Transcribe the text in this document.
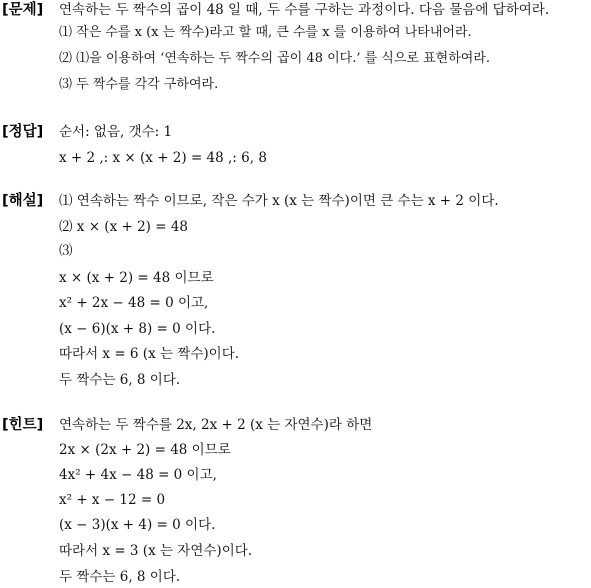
[문제] 연속하는 두 짝수의 곱이 48 일 때, 두 수를 구하는 과정이다. 다음 물음에 답하여라.
⑴ 작은 수를 x (x 는 짝수)라고 할 때, 큰 수를 x 를 이용하여 나타내어라.
⑵ ⑴을 이용하여 ‘연속하는 두 짝수의 곱이 48 이다.’ 를 식으로 표현하여라.
⑶ 두 짝수를 각각 구하여라.
[정답] 순서: 없음, 갯수: 1
x + 2 ,: x × (x + 2) = 48 ,: 6, 8
[해설] ⑴ 연속하는 짝수 이므로, 작은 수가 x (x 는 짝수)이면 큰 수는 x + 2 이다.
⑵ x × (x + 2) = 48
⑶
x × (x + 2) = 48 이므로
x² + 2x − 48 = 0 이고,
(x − 6)(x + 8) = 0 이다.
따라서 x = 6 (x 는 짝수)이다.
두 짝수는 6, 8 이다.
[힌트] 연속하는 두 짝수를 2x, 2x + 2 (x 는 자연수)라 하면
2x × (2x + 2) = 48 이므로
4x² + 4x − 48 = 0 이고,
x² + x − 12 = 0
(x − 3)(x + 4) = 0 이다.
따라서 x = 3 (x 는 자연수)이다.
두 짝수는 6, 8 이다.
